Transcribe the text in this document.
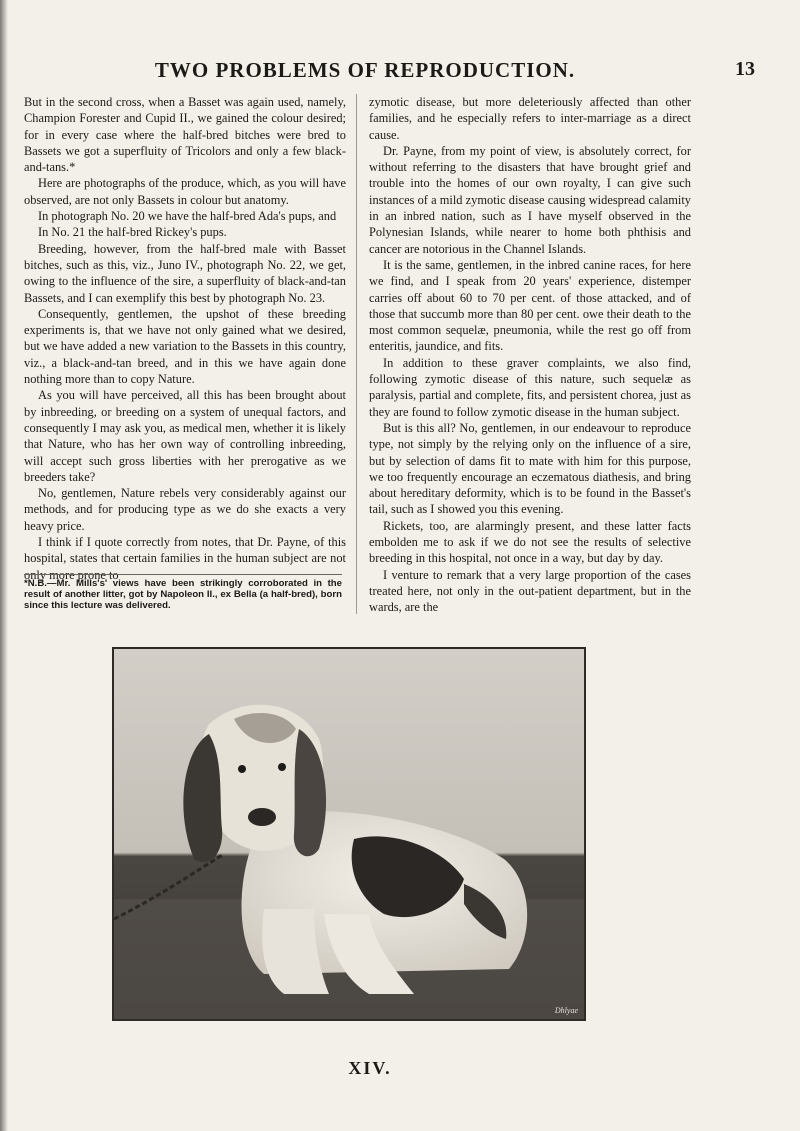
TWO PROBLEMS OF REPRODUCTION.	13

But in the second cross, when a Basset was again used, namely, Champion Forester and Cupid II., we gained the colour desired; for in every case where the half-bred bitches were bred to Bassets we got a superfluity of Tricolors and only a few black-and-tans.*

Here are photographs of the produce, which, as you will have observed, are not only Bassets in colour but anatomy.

In photograph No. 20 we have the half-bred Ada's pups, and

In No. 21 the half-bred Rickey's pups.

Breeding, however, from the half-bred male with Basset bitches, such as this, viz., Juno IV., photograph No. 22, we get, owing to the influence of the sire, a superfluity of black-and-tan Bassets, and I can exemplify this best by photograph No. 23.

Consequently, gentlemen, the upshot of these breeding experiments is, that we have not only gained what we desired, but we have added a new variation to the Bassets in this country, viz., a black-and-tan breed, and in this we have again done nothing more than to copy Nature.

As you will have perceived, all this has been brought about by inbreeding, or breeding on a system of unequal factors, and consequently I may ask you, as medical men, whether it is likely that Nature, who has her own way of controlling inbreeding, will accept such gross liberties with her prerogative as we breeders take?

No, gentlemen, Nature rebels very considerably against our methods, and for producing type as we do she exacts a very heavy price.

I think if I quote correctly from notes, that Dr. Payne, of this hospital, states that certain families in the human subject are not only more prone to

zymotic disease, but more deleteriously affected than other families, and he especially refers to inter-marriage as a direct cause.

Dr. Payne, from my point of view, is absolutely correct, for without referring to the disasters that have brought grief and trouble into the homes of our own royalty, I can give such instances of a mild zymotic disease causing widespread calamity in an inbred nation, such as I have myself observed in the Polynesian Islands, while nearer to home both phthisis and cancer are notorious in the Channel Islands.

It is the same, gentlemen, in the inbred canine races, for here we find, and I speak from 20 years' experience, distemper carries off about 60 to 70 per cent. of those attacked, and of those that succumb more than 80 per cent. owe their death to the most common sequelæ, pneumonia, while the rest go off from enteritis, jaundice, and fits.

In addition to these graver complaints, we also find, following zymotic disease of this nature, such sequelæ as paralysis, partial and complete, fits, and persistent chorea, just as they are found to follow zymotic disease in the human subject.

But is this all? No, gentlemen, in our endeavour to reproduce type, not simply by the relying only on the influence of a sire, but by selection of dams fit to mate with him for this purpose, we too frequently encourage an eczematous diathesis, and bring about hereditary deformity, which is to be found in the Basset's tail, such as I showed you this evening.

Rickets, too, are alarmingly present, and these latter facts embolden me to ask if we do not see the results of selective breeding in this hospital, not once in a way, but day by day.

I venture to remark that a very large proportion of the cases treated here, not only in the out-patient department, but in the wards, are the

*N.B.—Mr. Mills's' views have been strikingly corroborated in the result of another litter, got by Napoleon II., ex Bella (a half-bred), born since this lecture was delivered.
Dhlyae
XIV.
